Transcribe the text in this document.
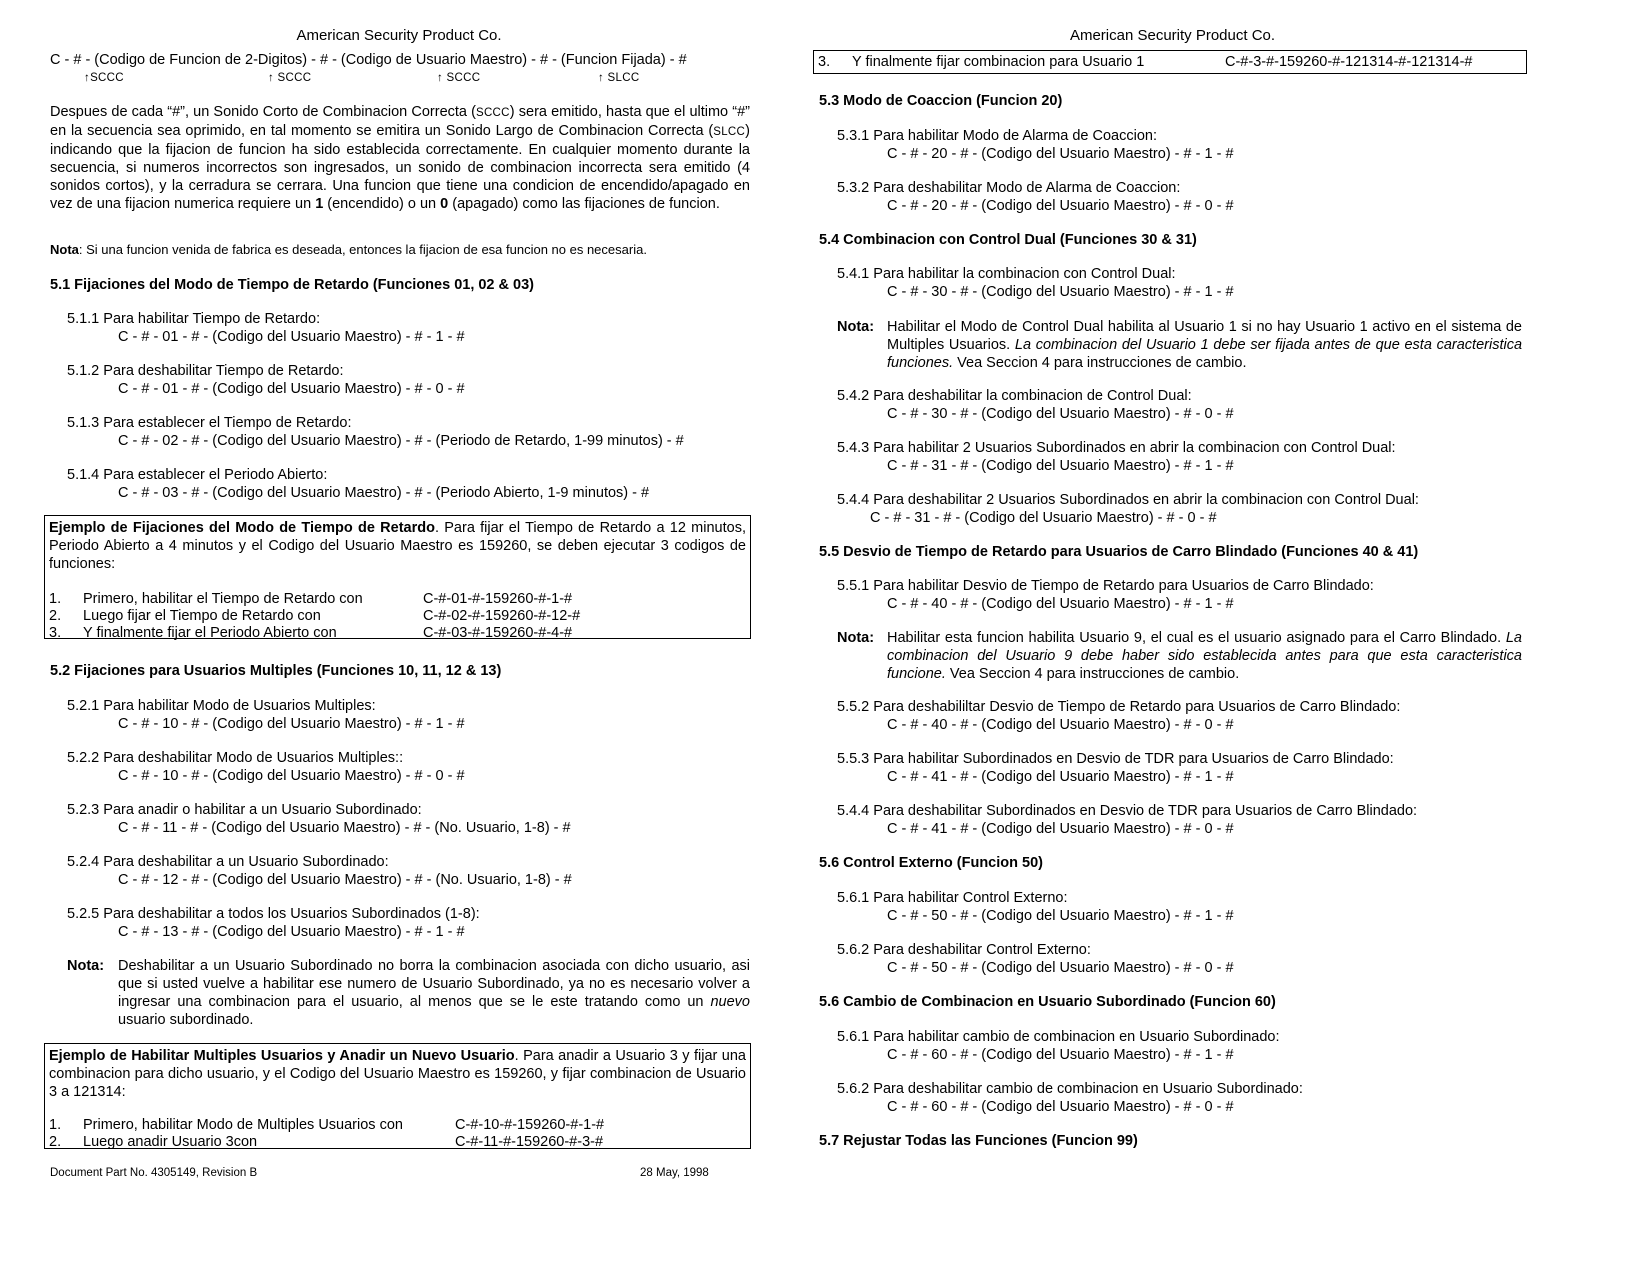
American Security Product Co.
C - # - (Codigo de Funcion de 2-Digitos) - # - (Codigo de Usuario Maestro) - # - (Funcion Fijada) - #
↑SCCC	↑ SCCC	↑ SCCC	↑ SLCC
Despues de cada “#”, un Sonido Corto de Combinacion Correcta (SCCC) sera emitido, hasta que el ultimo “#” en la secuencia sea oprimido, en tal momento se emitira un Sonido Largo de Combinacion Correcta (SLCC) indicando que la fijacion de funcion ha sido establecida correctamente. En cualquier momento durante la secuencia, si numeros incorrectos son ingresados, un sonido de combinacion incorrecta sera emitido (4 sonidos cortos), y la cerradura se cerrara. Una funcion que tiene una condicion de encendido/apagado en vez de una fijacion numerica requiere un 1 (encendido) o un 0 (apagado) como las fijaciones de funcion.
Nota: Si una funcion venida de fabrica es deseada, entonces la fijacion de esa funcion no es necesaria.
5.1 Fijaciones del Modo de Tiempo de Retardo (Funciones 01, 02 & 03)
5.1.1 Para habilitar Tiempo de Retardo:
C - # - 01 - # - (Codigo del Usuario Maestro) - # - 1 - #
5.1.2 Para deshabilitar Tiempo de Retardo:
C - # - 01 - # - (Codigo del Usuario Maestro) - # - 0 - #
5.1.3 Para establecer el Tiempo de Retardo:
C - # - 02 - # - (Codigo del Usuario Maestro) - # - (Periodo de Retardo, 1-99 minutos) - #
5.1.4 Para establecer el Periodo Abierto:
C - # - 03 - # - (Codigo del Usuario Maestro) - # - (Periodo Abierto, 1-9 minutos) - #
Ejemplo de Fijaciones del Modo de Tiempo de Retardo. Para fijar el Tiempo de Retardo a 12 minutos, Periodo Abierto a 4 minutos y el Codigo del Usuario Maestro es 159260, se deben ejecutar 3 codigos de funciones:
1. Primero, habilitar el Tiempo de Retardo con	C-#-01-#-159260-#-1-#
2. Luego fijar el Tiempo de Retardo con	C-#-02-#-159260-#-12-#
3. Y finalmente fijar el Periodo Abierto con	C-#-03-#-159260-#-4-#
5.2 Fijaciones para Usuarios Multiples (Funciones 10, 11, 12 & 13)
5.2.1 Para habilitar Modo de Usuarios Multiples:
C - # - 10 - # - (Codigo del Usuario Maestro) - # - 1 - #
5.2.2 Para deshabilitar Modo de Usuarios Multiples::
C - # - 10 - # - (Codigo del Usuario Maestro) - # - 0 - #
5.2.3 Para anadir o habilitar a un Usuario Subordinado:
C - # - 11 - # - (Codigo del Usuario Maestro) - # - (No. Usuario, 1-8) - #
5.2.4 Para deshabilitar a un Usuario Subordinado:
C - # - 12 - # - (Codigo del Usuario Maestro) - # - (No. Usuario, 1-8) - #
5.2.5 Para deshabilitar a todos los Usuarios Subordinados (1-8):
C - # - 13 - # - (Codigo del Usuario Maestro) - # - 1 - #
Nota: Deshabilitar a un Usuario Subordinado no borra la combinacion asociada con dicho usuario, asi que si usted vuelve a habilitar ese numero de Usuario Subordinado, ya no es necesario volver a ingresar una combinacion para el usuario, al menos que se le este tratando como un nuevo usuario subordinado.
Ejemplo de Habilitar Multiples Usuarios y Anadir un Nuevo Usuario. Para anadir a Usuario 3 y fijar una combinacion para dicho usuario, y el Codigo del Usuario Maestro es 159260, y fijar combinacion de Usuario 3 a 121314:
1. Primero, habilitar Modo de Multiples Usuarios con	C-#-10-#-159260-#-1-#
2. Luego anadir Usuario 3con	C-#-11-#-159260-#-3-#
Document Part No. 4305149, Revision B	28 May, 1998
American Security Product Co.
3. Y finalmente fijar combinacion para Usuario 1	C-#-3-#-159260-#-121314-#-121314-#
5.3 Modo de Coaccion (Funcion 20)
5.3.1 Para habilitar Modo de Alarma de Coaccion:
C - # - 20 - # - (Codigo del Usuario Maestro) - # - 1 - #
5.3.2 Para deshabilitar Modo de Alarma de Coaccion:
C - # - 20 - # - (Codigo del Usuario Maestro) - # - 0 - #
5.4 Combinacion con Control Dual (Funciones 30 & 31)
5.4.1 Para habilitar la combinacion con Control Dual:
C - # - 30 - # - (Codigo del Usuario Maestro) - # - 1 - #
Nota: Habilitar el Modo de Control Dual habilita al Usuario 1 si no hay Usuario 1 activo en el sistema de Multiples Usuarios. La combinacion del Usuario 1 debe ser fijada antes de que esta caracteristica funciones. Vea Seccion 4 para instrucciones de cambio.
5.4.2 Para deshabilitar la combinacion de Control Dual:
C - # - 30 - # - (Codigo del Usuario Maestro) - # - 0 - #
5.4.3 Para habilitar 2 Usuarios Subordinados en abrir la combinacion con Control Dual:
C - # - 31 - # - (Codigo del Usuario Maestro) - # - 1 - #
5.4.4 Para deshabilitar 2 Usuarios Subordinados en abrir la combinacion con Control Dual:
C - # - 31 - # - (Codigo del Usuario Maestro) - # - 0 - #
5.5 Desvio de Tiempo de Retardo para Usuarios de Carro Blindado (Funciones 40 & 41)
5.5.1 Para habilitar Desvio de Tiempo de Retardo para Usuarios de Carro Blindado:
C - # - 40 - # - (Codigo del Usuario Maestro) - # - 1 - #
Nota: Habilitar esta funcion habilita Usuario 9, el cual es el usuario asignado para el Carro Blindado. La combinacion del Usuario 9 debe haber sido establecida antes para que esta caracteristica funcione. Vea Seccion 4 para instrucciones de cambio.
5.5.2 Para deshabililtar Desvio de Tiempo de Retardo para Usuarios de Carro Blindado:
C - # - 40 - # - (Codigo del Usuario Maestro) - # - 0 - #
5.5.3 Para habilitar Subordinados en Desvio de TDR para Usuarios de Carro Blindado:
C - # - 41 - # - (Codigo del Usuario Maestro) - # - 1 - #
5.4.4 Para deshabilitar Subordinados en Desvio de TDR para Usuarios de Carro Blindado:
C - # - 41 - # - (Codigo del Usuario Maestro) - # - 0 - #
5.6 Control Externo (Funcion 50)
5.6.1 Para habilitar Control Externo:
C - # - 50 - # - (Codigo del Usuario Maestro) - # - 1 - #
5.6.2 Para deshabilitar Control Externo:
C - # - 50 - # - (Codigo del Usuario Maestro) - # - 0 - #
5.6 Cambio de Combinacion en Usuario Subordinado (Funcion 60)
5.6.1 Para habilitar cambio de combinacion en Usuario Subordinado:
C - # - 60 - # - (Codigo del Usuario Maestro) - # - 1 - #
5.6.2 Para deshabilitar cambio de combinacion en Usuario Subordinado:
C - # - 60 - # - (Codigo del Usuario Maestro) - # - 0 - #
5.7 Rejustar Todas las Funciones (Funcion 99)
